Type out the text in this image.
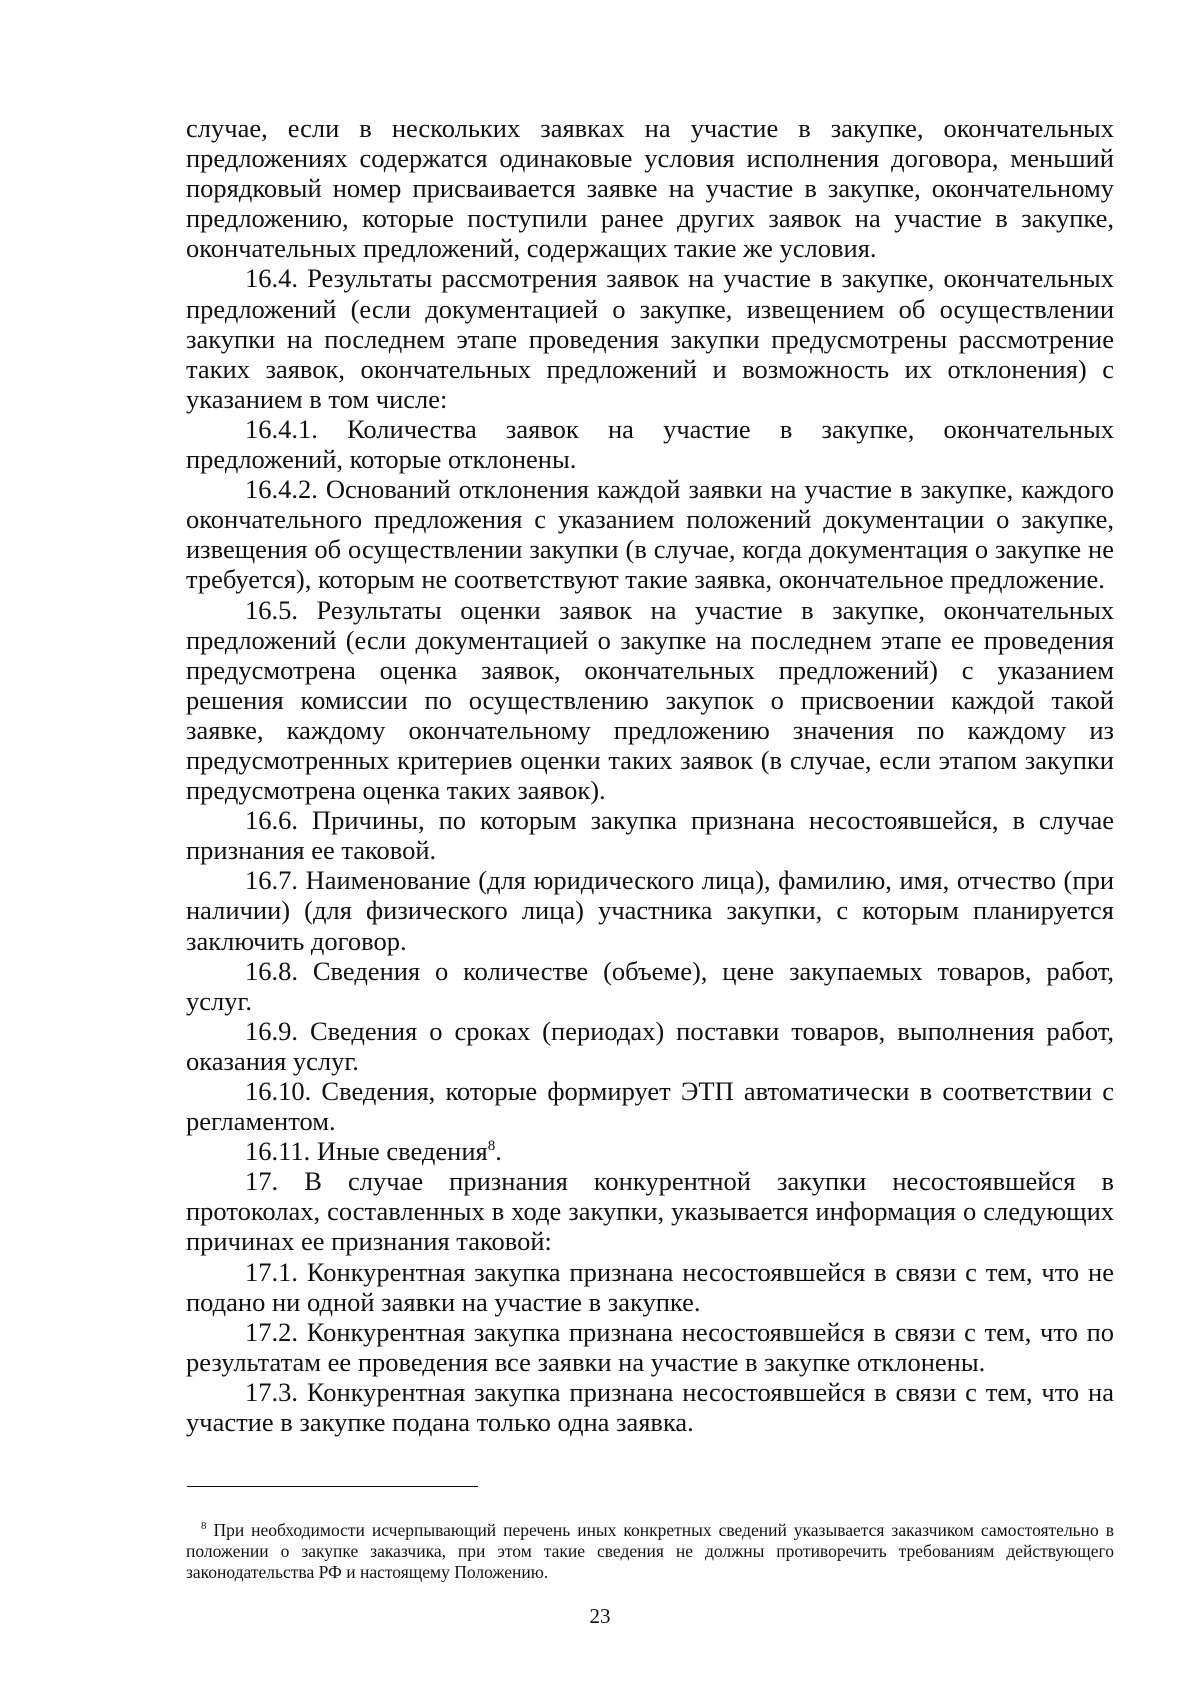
случае, если в нескольких заявках на участие в закупке, окончательных предложениях содержатся одинаковые условия исполнения договора, меньший порядковый номер присваивается заявке на участие в закупке, окончательному предложению, которые поступили ранее других заявок на участие в закупке, окончательных предложений, содержащих такие же условия.

16.4. Результаты рассмотрения заявок на участие в закупке, окончательных предложений (если документацией о закупке, извещением об осуществлении закупки на последнем этапе проведения закупки предусмотрены рассмотрение таких заявок, окончательных предложений и возможность их отклонения) с указанием в том числе:

16.4.1. Количества заявок на участие в закупке, окончательных предложений, которые отклонены.

16.4.2. Оснований отклонения каждой заявки на участие в закупке, каждого окончательного предложения с указанием положений документации о закупке, извещения об осуществлении закупки (в случае, когда документация о закупке не требуется), которым не соответствуют такие заявка, окончательное предложение.

16.5. Результаты оценки заявок на участие в закупке, окончательных предложений (если документацией о закупке на последнем этапе ее проведения предусмотрена оценка заявок, окончательных предложений) с указанием решения комиссии по осуществлению закупок о присвоении каждой такой заявке, каждому окончательному предложению значения по каждому из предусмотренных критериев оценки таких заявок (в случае, если этапом закупки предусмотрена оценка таких заявок).

16.6. Причины, по которым закупка признана несостоявшейся, в случае признания ее таковой.

16.7. Наименование (для юридического лица), фамилию, имя, отчество (при наличии) (для физического лица) участника закупки, с которым планируется заключить договор.

16.8. Сведения о количестве (объеме), цене закупаемых товаров, работ, услуг.

16.9. Сведения о сроках (периодах) поставки товаров, выполнения работ, оказания услуг.

16.10. Сведения, которые формирует ЭТП автоматически в соответствии с регламентом.

16.11. Иные сведения$^8$.

17. В случае признания конкурентной закупки несостоявшейся в протоколах, составленных в ходе закупки, указывается информация о следующих причинах ее признания таковой:

17.1. Конкурентная закупка признана несостоявшейся в связи с тем, что не подано ни одной заявки на участие в закупке.

17.2. Конкурентная закупка признана несостоявшейся в связи с тем, что по результатам ее проведения все заявки на участие в закупке отклонены.

17.3. Конкурентная закупка признана несостоявшейся в связи с тем, что на участие в закупке подана только одна заявка.

$^8$ При необходимости исчерпывающий перечень иных конкретных сведений указывается заказчиком самостоятельно в положении о закупке заказчика, при этом такие сведения не должны противоречить требованиям действующего законодательства РФ и настоящему Положению.

23
